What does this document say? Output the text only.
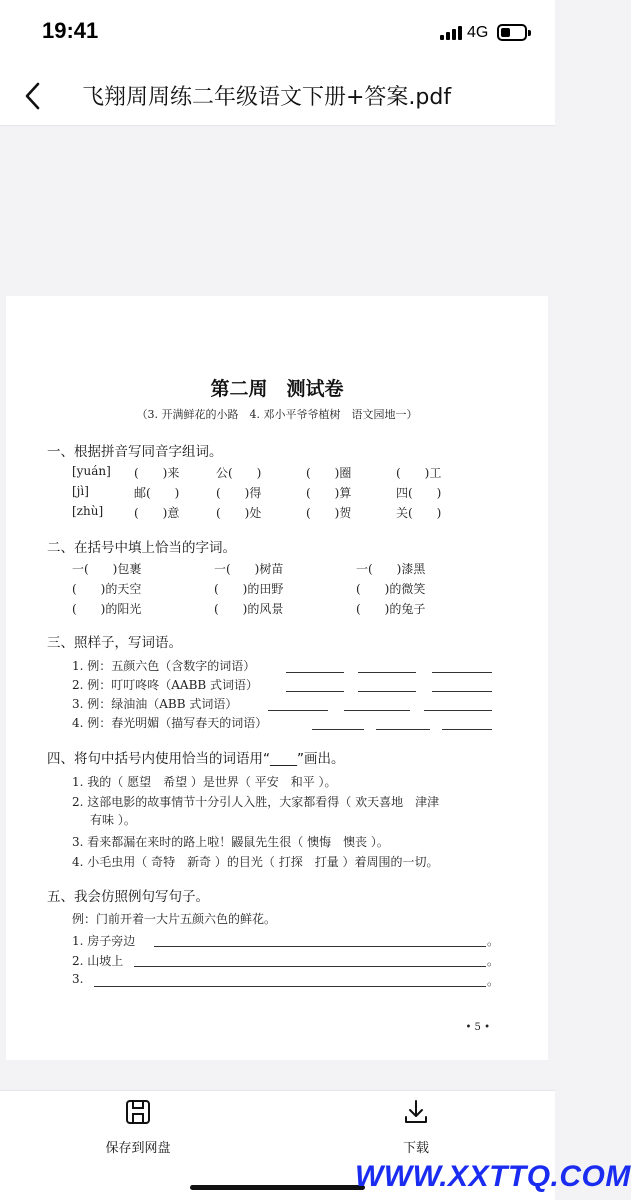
19:41	4G
飞翔周周练二年级语文下册+答案.pdf
第二周　测试卷
（3. 开满鲜花的小路　4. 邓小平爷爷植树　语文园地一）
一、根据拼音写同音字组词。
[yuán] (　　)来	公(　　)	(　　)圈	(　　)工
[jì]	邮(　　)	(　　)得	(　　)算	四(　　)
[zhù]	(　　)意	(　　)处	(　　)贺	关(　　)
二、在括号中填上恰当的字词。
一(　　)包裹	一(　　)树苗	一(　　)漆黑
(　　)的天空	(　　)的田野	(　　)的微笑
(　　)的阳光	(　　)的风景	(　　)的兔子
三、照样子，写词语。
1. 例：五颜六色（含数字的词语）
2. 例：叮叮咚咚（AABB 式词语）
3. 例：绿油油（ABB 式词语）
4. 例：春光明媚（描写春天的词语）
四、将句中括号内使用恰当的词语用“____”画出。
1. 我的（ 愿望　希望 ）是世界（ 平安　和平 ）。
2. 这部电影的故事情节十分引人入胜，大家都看得（ 欢天喜地　津津
有味 ）。
3. 看来都漏在来时的路上啦！鼹鼠先生很（ 懊悔　懊丧 ）。
4. 小毛虫用（ 奇特　新奇 ）的目光（ 打探　打量 ）着周围的一切。
五、我会仿照例句写句子。
例：门前开着一大片五颜六色的鲜花。
1. 房子旁边	。
2. 山坡上	。
3.	。
• 5 •
保存到网盘	下载
WWW.XXTTQ.COM
